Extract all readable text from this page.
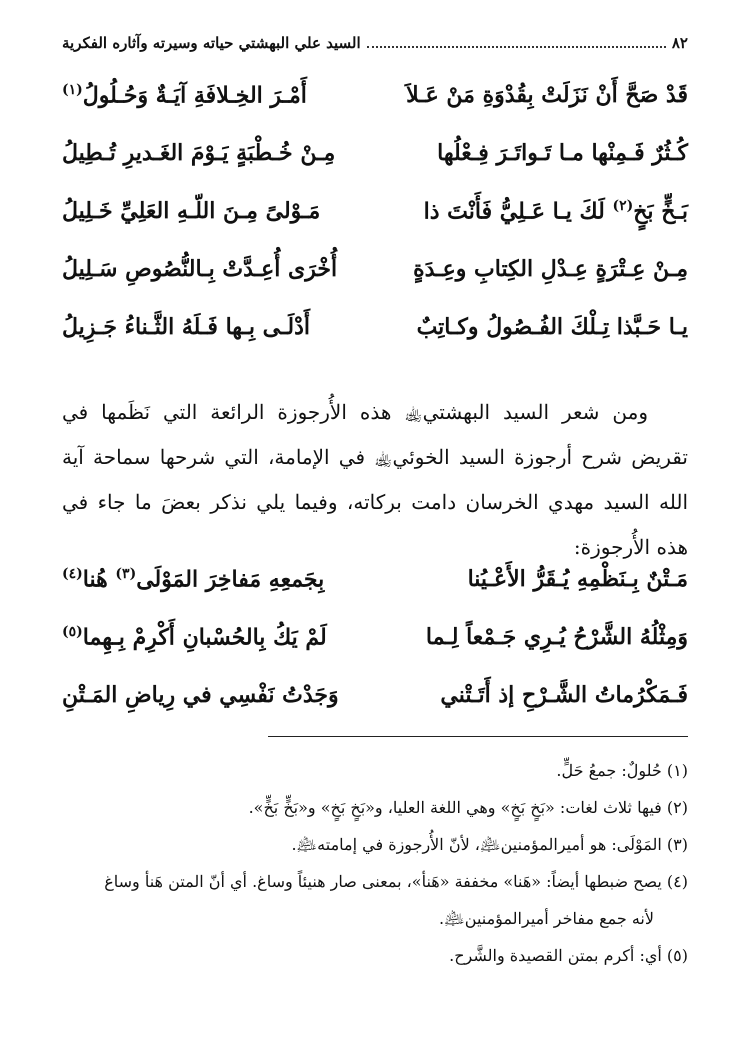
٨٢
السيد علي البهشتي حياته وسيرته وآثاره الفكرية
قَدْ صَحَّ أَنْ نَزَلَتْ بِقُدْوَةِ مَنْ عَـلاَ
أَمْـرَ الخِـلافَةِ آيَـةٌ وَحُـلُولُ$^{(١)}$
كُـثُرٌ فَـمِنْها مـا تَـواتَـرَ فِـعْلُها
مِـنْ خُـطْبَةٍ يَـوْمَ الغَـديرِ تُـطِيلُ
بَـخٍّ بَخٍ$^{(٢)}$ لَكَ يـا عَـلِيُّ فَأَنْتَ ذا
مَـوْلىً مِـنَ اللّـهِ العَلِيِّ خَـلِيلُ
مِـنْ عِـتْرَةٍ عِـدْلِ الكِتابِ وعِـدَةٍ
أُخْرَى أُعِـدَّتْ بِـالنُّصُوصِ سَـلِيلُ
يـا حَـبَّذا تِـلْكَ الفُـصُولُ وكـاتِبٌ
أَدْلَـى بِـها فَـلَهُ الثَّـناءُ جَـزِيلُ

ومن شعر السيد البهشتي﵀ هذه الأُرجوزة الرائعة التي نَظَمها في تقريض شرح أرجوزة السيد الخوئي﵀ في الإمامة، التي شرحها سماحة آية الله السيد مهدي الخرسان دامت بركاته، وفيما يلي نذكر بعضَ ما جاء في هذه الأُرجوزة:

مَـتْنٌ بِـنَظْمِهِ يُـقَرُّ الأَعْـيُنا
بِجَمعِهِ مَفاخِرَ المَوْلَى$^{(٣)}$ هُنا$^{(٤)}$
وَمِثْلُهُ الشَّرْحُ يُـرِي جَـمْعاً لِـما
لَمْ يَكُ بِالحُسْبانِ أَكْرِمْ بِـهِما$^{(٥)}$
فَـمَكْرُماتُ الشَّـرْحِ إذ أَتَـتْني
وَجَدْتُ نَفْسِي في رِياضِ المَـتْنِ

(١) حُلولٌ: جمعُ حَلٍّ.

(٢) فيها ثلاث لغات: «بَخٍ بَخٍ» وهي اللغة العليا، و«بَخٍ بَخٍ» و«بَخٍّ بَخٍّ».

(٣) المَوْلَى: هو أميرالمؤمنين﵇، لأنّ الأُرجوزة في إمامته﵇.

(٤) يصح ضبطها أيضاً: «هَنا» مخففة «هَنأ»، بمعنى صار هنيئاً وساغ. أي أنّ المتن هَنأ وساغ

لأنه جمع مفاخر أميرالمؤمنين﵇.

(٥) أي: أكرم بمتن القصيدة والشَّرح.
